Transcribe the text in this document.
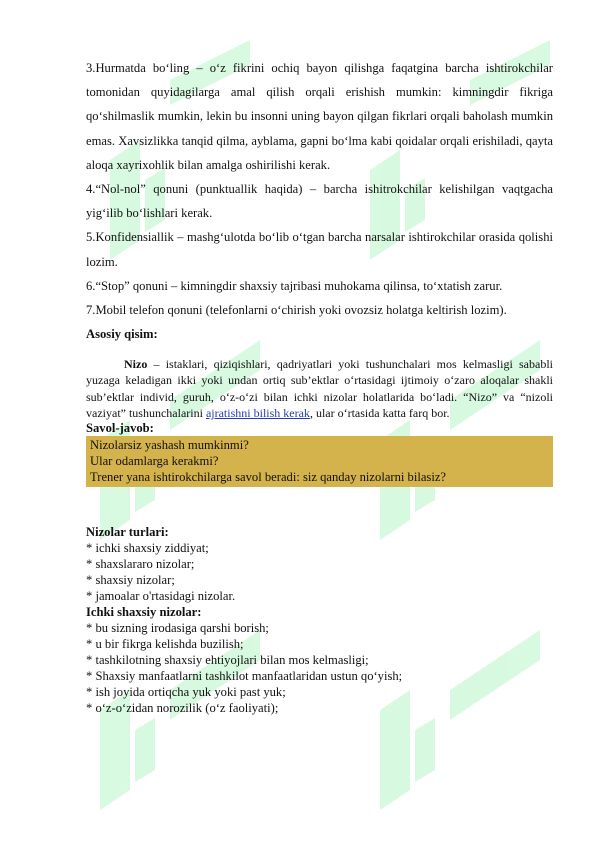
3.Hurmatda boʻling – oʻz fikrini ochiq bayon qilishga faqatgina barcha ishtirokchilar tomonidan quyidagilarga amal qilish orqali erishish mumkin: kimningdir fikriga qoʻshilmaslik mumkin, lekin bu insonni uning bayon qilgan fikrlari orqali baholash mumkin emas. Xavsizlikka tanqid qilma, ayblama, gapni boʻlma kabi qoidalar orqali erishiladi, qayta aloqa xayrixohlik bilan amalga oshirilishi kerak.

4.“Nol-nol” qonuni (punktuallik haqida) – barcha ishitrokchilar kelishilgan vaqtgacha yigʻilib boʻlishlari kerak.

5.Konfidensiallik – mashgʻulotda boʻlib oʻtgan barcha narsalar ishtirokchilar orasida qolishi lozim.

6.“Stop” qonuni – kimningdir shaxsiy tajribasi muhokama qilinsa, toʻxtatish zarur.

7.Mobil telefon qonuni (telefonlarni oʻchirish yoki ovozsiz holatga keltirish lozim).

Asosiy qisim:

Nizo – istaklari, qiziqishlari, qadriyatlari yoki tushunchalari mos kelmasligi sababli yuzaga keladigan ikki yoki undan ortiq sub’ektlar oʻrtasidagi ijtimoiy oʻzaro aloqalar shakli sub’ektlar individ, guruh, oʻz-oʻzi bilan ichki nizolar holatlarida boʻladi. “Nizo” va “nizoli vaziyat” tushunchalarini ajratishni bilish kerak, ular oʻrtasida katta farq bor.

Savol-javob:

Nizolarsiz yashash mumkinmi?

Ular odamlarga kerakmi?

Trener yana ishtirokchilarga savol beradi: siz qanday nizolarni bilasiz?

Nizolar turlari:

* ichki shaxsiy ziddiyat;

* shaxslararo nizolar;

* shaxsiy nizolar;

* jamoalar o'rtasidagi nizolar.

Ichki shaxsiy nizolar:

* bu sizning irodasiga qarshi borish;

* u bir fikrga kelishda buzilish;

* tashkilotning shaxsiy ehtiyojlari bilan mos kelmasligi;

* Shaxsiy manfaatlarni tashkilot manfaatlaridan ustun qoʻyish;

* ish joyida ortiqcha yuk yoki past yuk;

* oʻz-oʻzidan norozilik (oʻz faoliyati);
